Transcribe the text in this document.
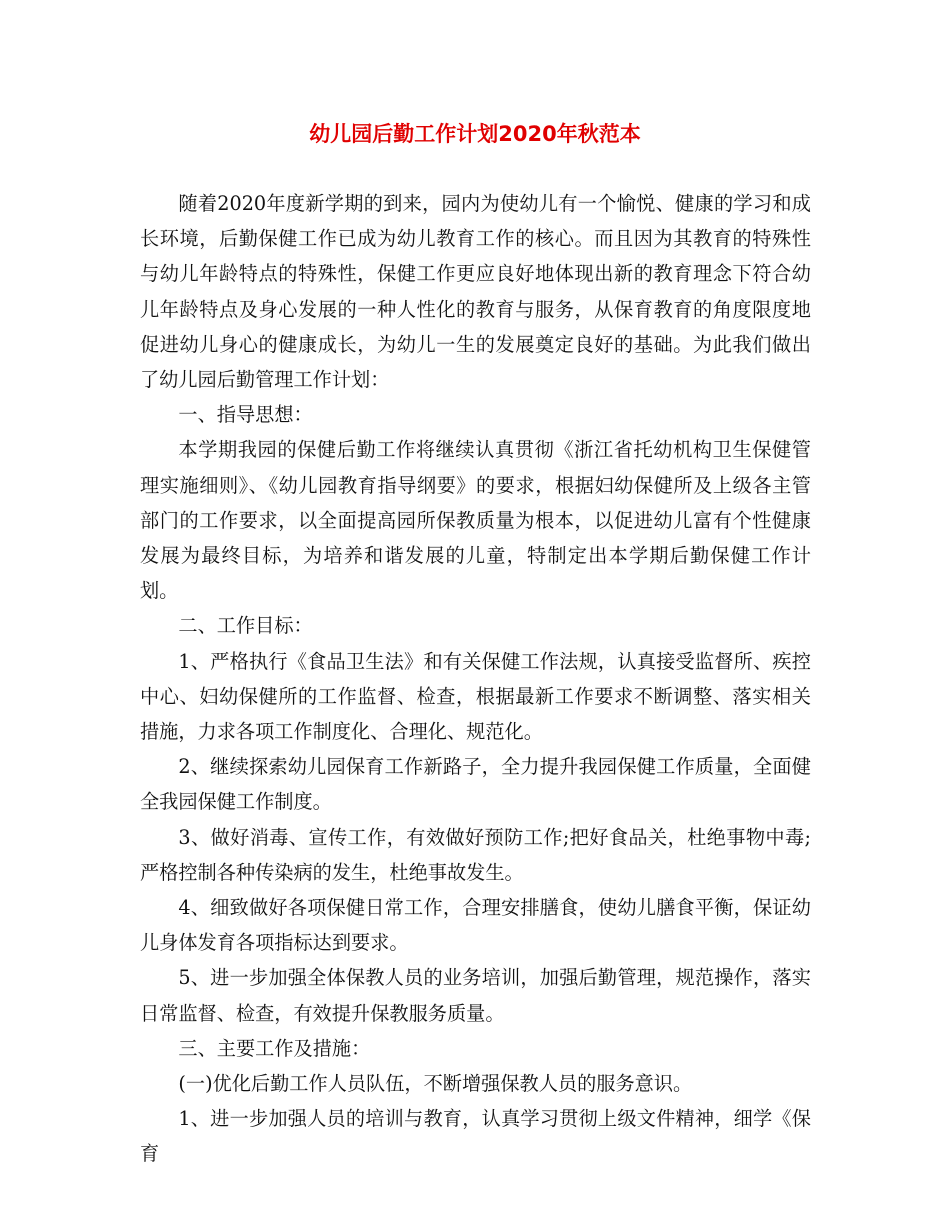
幼儿园后勤工作计划2020年秋范本

随着2020年度新学期的到来，园内为使幼儿有一个愉悦、健康的学习和成长环境，后勤保健工作已成为幼儿教育工作的核心。而且因为其教育的特殊性与幼儿年龄特点的特殊性，保健工作更应良好地体现出新的教育理念下符合幼儿年龄特点及身心发展的一种人性化的教育与服务，从保育教育的角度限度地促进幼儿身心的健康成长，为幼儿一生的发展奠定良好的基础。为此我们做出了幼儿园后勤管理工作计划：

一、指导思想：

本学期我园的保健后勤工作将继续认真贯彻《浙江省托幼机构卫生保健管理实施细则》、《幼儿园教育指导纲要》的要求，根据妇幼保健所及上级各主管部门的工作要求，以全面提高园所保教质量为根本，以促进幼儿富有个性健康发展为最终目标，为培养和谐发展的儿童，特制定出本学期后勤保健工作计划。

二、工作目标：

1、严格执行《食品卫生法》和有关保健工作法规，认真接受监督所、疾控中心、妇幼保健所的工作监督、检查，根据最新工作要求不断调整、落实相关措施，力求各项工作制度化、合理化、规范化。

2、继续探索幼儿园保育工作新路子，全力提升我园保健工作质量，全面健全我园保健工作制度。

3、做好消毒、宣传工作，有效做好预防工作;把好食品关，杜绝事物中毒;严格控制各种传染病的发生，杜绝事故发生。

4、细致做好各项保健日常工作，合理安排膳食，使幼儿膳食平衡，保证幼儿身体发育各项指标达到要求。

5、进一步加强全体保教人员的业务培训，加强后勤管理，规范操作，落实日常监督、检查，有效提升保教服务质量。

三、主要工作及措施：

(一)优化后勤工作人员队伍，不断增强保教人员的服务意识。

1、进一步加强人员的培训与教育，认真学习贯彻上级文件精神，细学《保育
